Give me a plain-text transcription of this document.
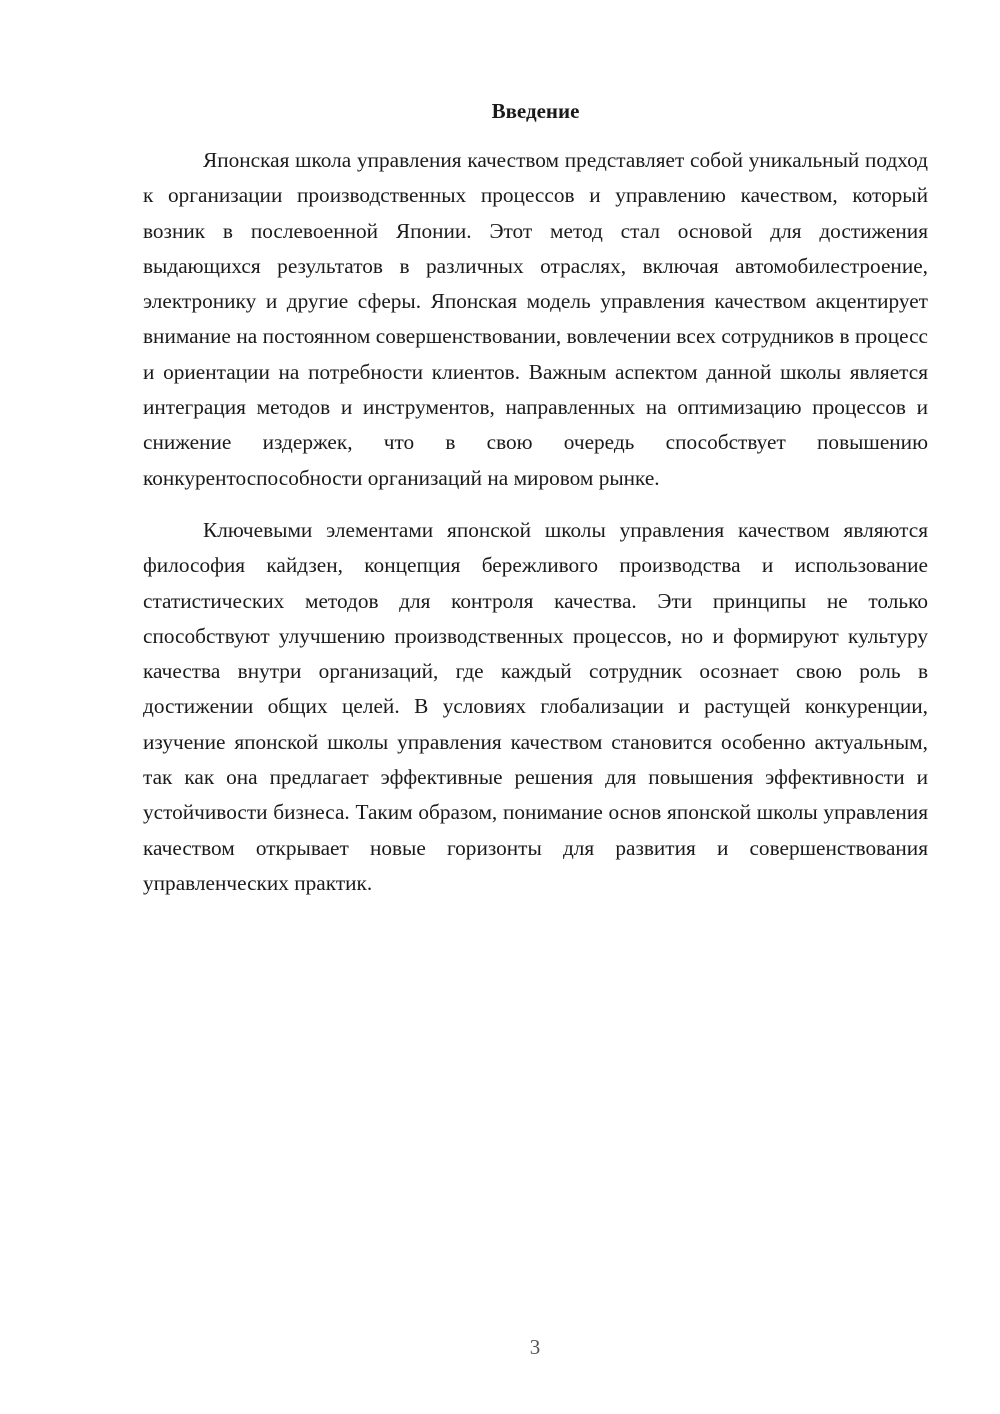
Введение

Японская школа управления качеством представляет собой уникальный подход к организации производственных процессов и управлению качеством, который возник в послевоенной Японии. Этот метод стал основой для достижения выдающихся результатов в различных отраслях, включая автомобилестроение, электронику и другие сферы. Японская модель управления качеством акцентирует внимание на постоянном совершенствовании, вовлечении всех сотрудников в процесс и ориентации на потребности клиентов. Важным аспектом данной школы является интеграция методов и инструментов, направленных на оптимизацию процессов и снижение издержек, что в свою очередь способствует повышению конкурентоспособности организаций на мировом рынке.

Ключевыми элементами японской школы управления качеством являются философия кайдзен, концепция бережливого производства и использование статистических методов для контроля качества. Эти принципы не только способствуют улучшению производственных процессов, но и формируют культуру качества внутри организаций, где каждый сотрудник осознает свою роль в достижении общих целей. В условиях глобализации и растущей конкуренции, изучение японской школы управления качеством становится особенно актуальным, так как она предлагает эффективные решения для повышения эффективности и устойчивости бизнеса. Таким образом, понимание основ японской школы управления качеством открывает новые горизонты для развития и совершенствования управленческих практик.

3
